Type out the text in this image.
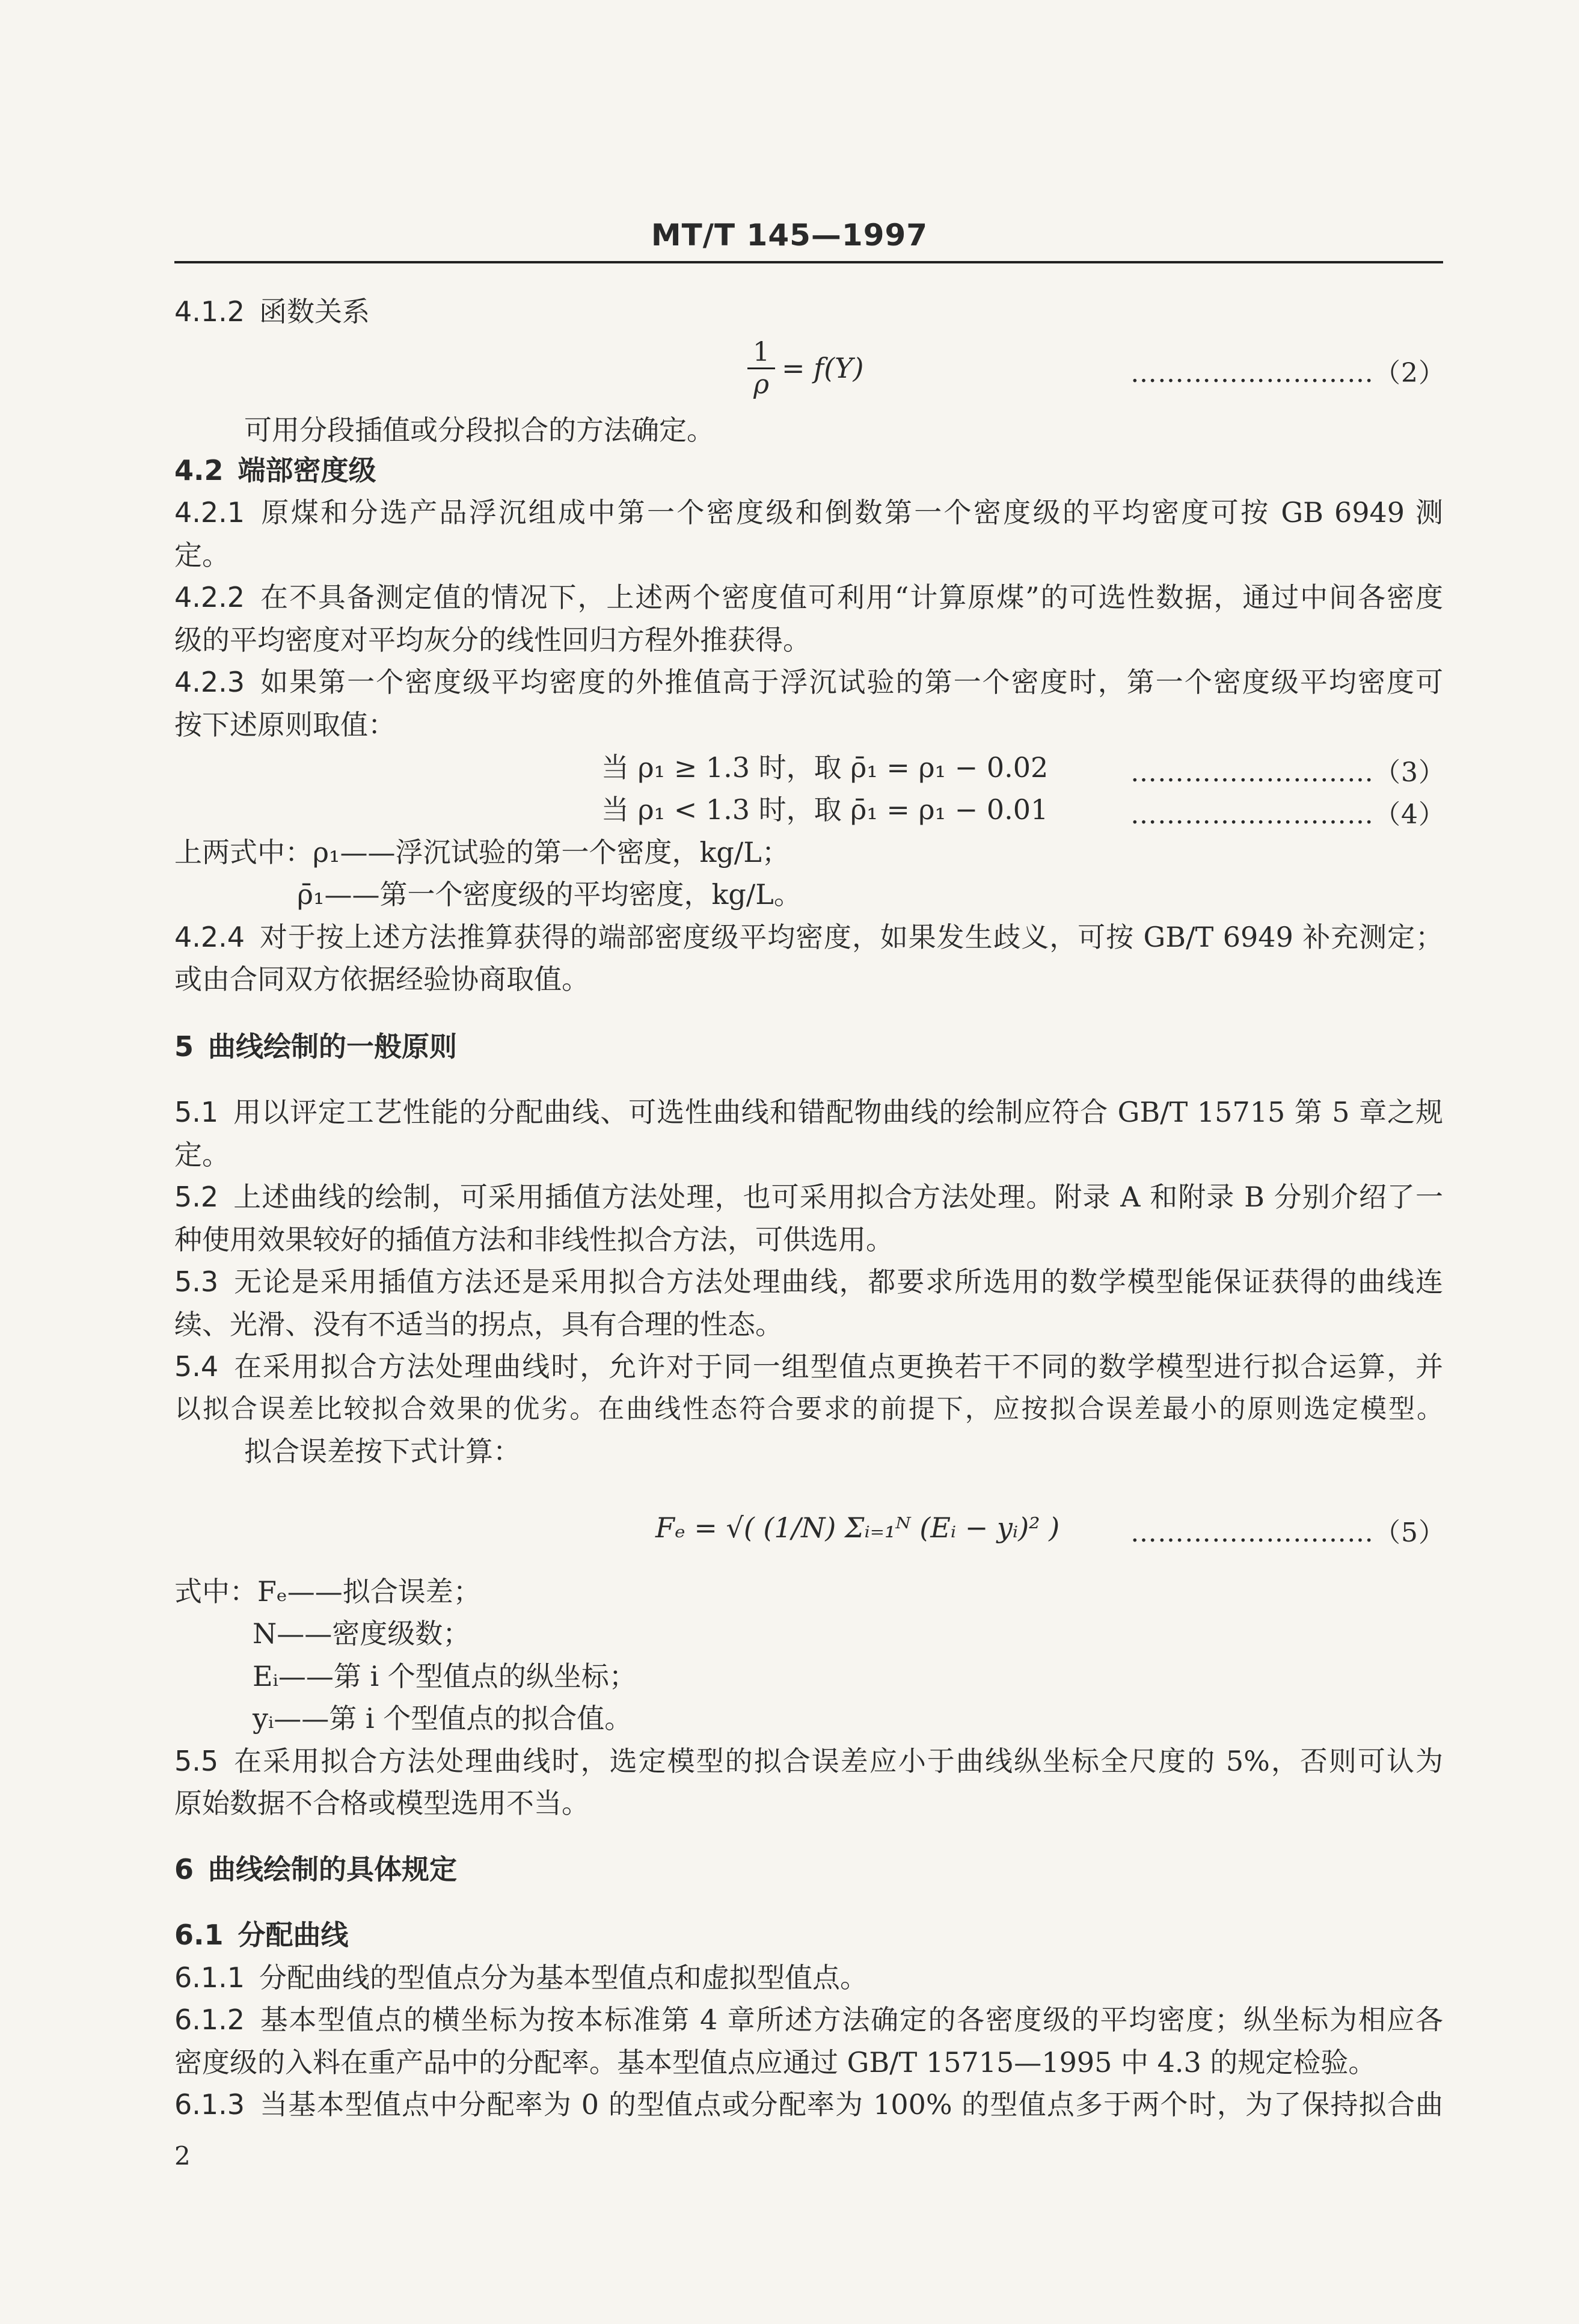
MT/T 145—1997
4.1.2 函数关系
1
ρ
= f(Y)	………………………（2）
可用分段插值或分段拟合的方法确定。
4.2 端部密度级
4.2.1 原煤和分选产品浮沉组成中第一个密度级和倒数第一个密度级的平均密度可按 GB 6949 测
定。
4.2.2 在不具备测定值的情况下，上述两个密度值可利用“计算原煤”的可选性数据，通过中间各密度
级的平均密度对平均灰分的线性回归方程外推获得。
4.2.3 如果第一个密度级平均密度的外推值高于浮沉试验的第一个密度时，第一个密度级平均密度可
按下述原则取值：
当 ρ₁ ≥ 1.3 时，取 ρ̄₁ = ρ₁ − 0.02	………………………（3）
当 ρ₁ < 1.3 时，取 ρ̄₁ = ρ₁ − 0.01	………………………（4）
上两式中：ρ₁——浮沉试验的第一个密度，kg/L；
ρ̄₁——第一个密度级的平均密度，kg/L。
4.2.4 对于按上述方法推算获得的端部密度级平均密度，如果发生歧义，可按 GB/T 6949 补充测定；
或由合同双方依据经验协商取值。
5 曲线绘制的一般原则
5.1 用以评定工艺性能的分配曲线、可选性曲线和错配物曲线的绘制应符合 GB/T 15715 第 5 章之规
定。
5.2 上述曲线的绘制，可采用插值方法处理，也可采用拟合方法处理。附录 A 和附录 B 分别介绍了一
种使用效果较好的插值方法和非线性拟合方法，可供选用。
5.3 无论是采用插值方法还是采用拟合方法处理曲线，都要求所选用的数学模型能保证获得的曲线连
续、光滑、没有不适当的拐点，具有合理的性态。
5.4 在采用拟合方法处理曲线时，允许对于同一组型值点更换若干不同的数学模型进行拟合运算，并
以拟合误差比较拟合效果的优劣。在曲线性态符合要求的前提下，应按拟合误差最小的原则选定模型。
拟合误差按下式计算：
Fₑ = √( (1/N) Σᵢ₌₁ᴺ (Eᵢ − yᵢ)² )	………………………（5）
式中：Fₑ——拟合误差；
N——密度级数；
Eᵢ——第 i 个型值点的纵坐标；
yᵢ——第 i 个型值点的拟合值。
5.5 在采用拟合方法处理曲线时，选定模型的拟合误差应小于曲线纵坐标全尺度的 5%，否则可认为
原始数据不合格或模型选用不当。
6 曲线绘制的具体规定
6.1 分配曲线
6.1.1 分配曲线的型值点分为基本型值点和虚拟型值点。
6.1.2 基本型值点的横坐标为按本标准第 4 章所述方法确定的各密度级的平均密度；纵坐标为相应各
密度级的入料在重产品中的分配率。基本型值点应通过 GB/T 15715—1995 中 4.3 的规定检验。
6.1.3 当基本型值点中分配率为 0 的型值点或分配率为 100% 的型值点多于两个时，为了保持拟合曲
2
